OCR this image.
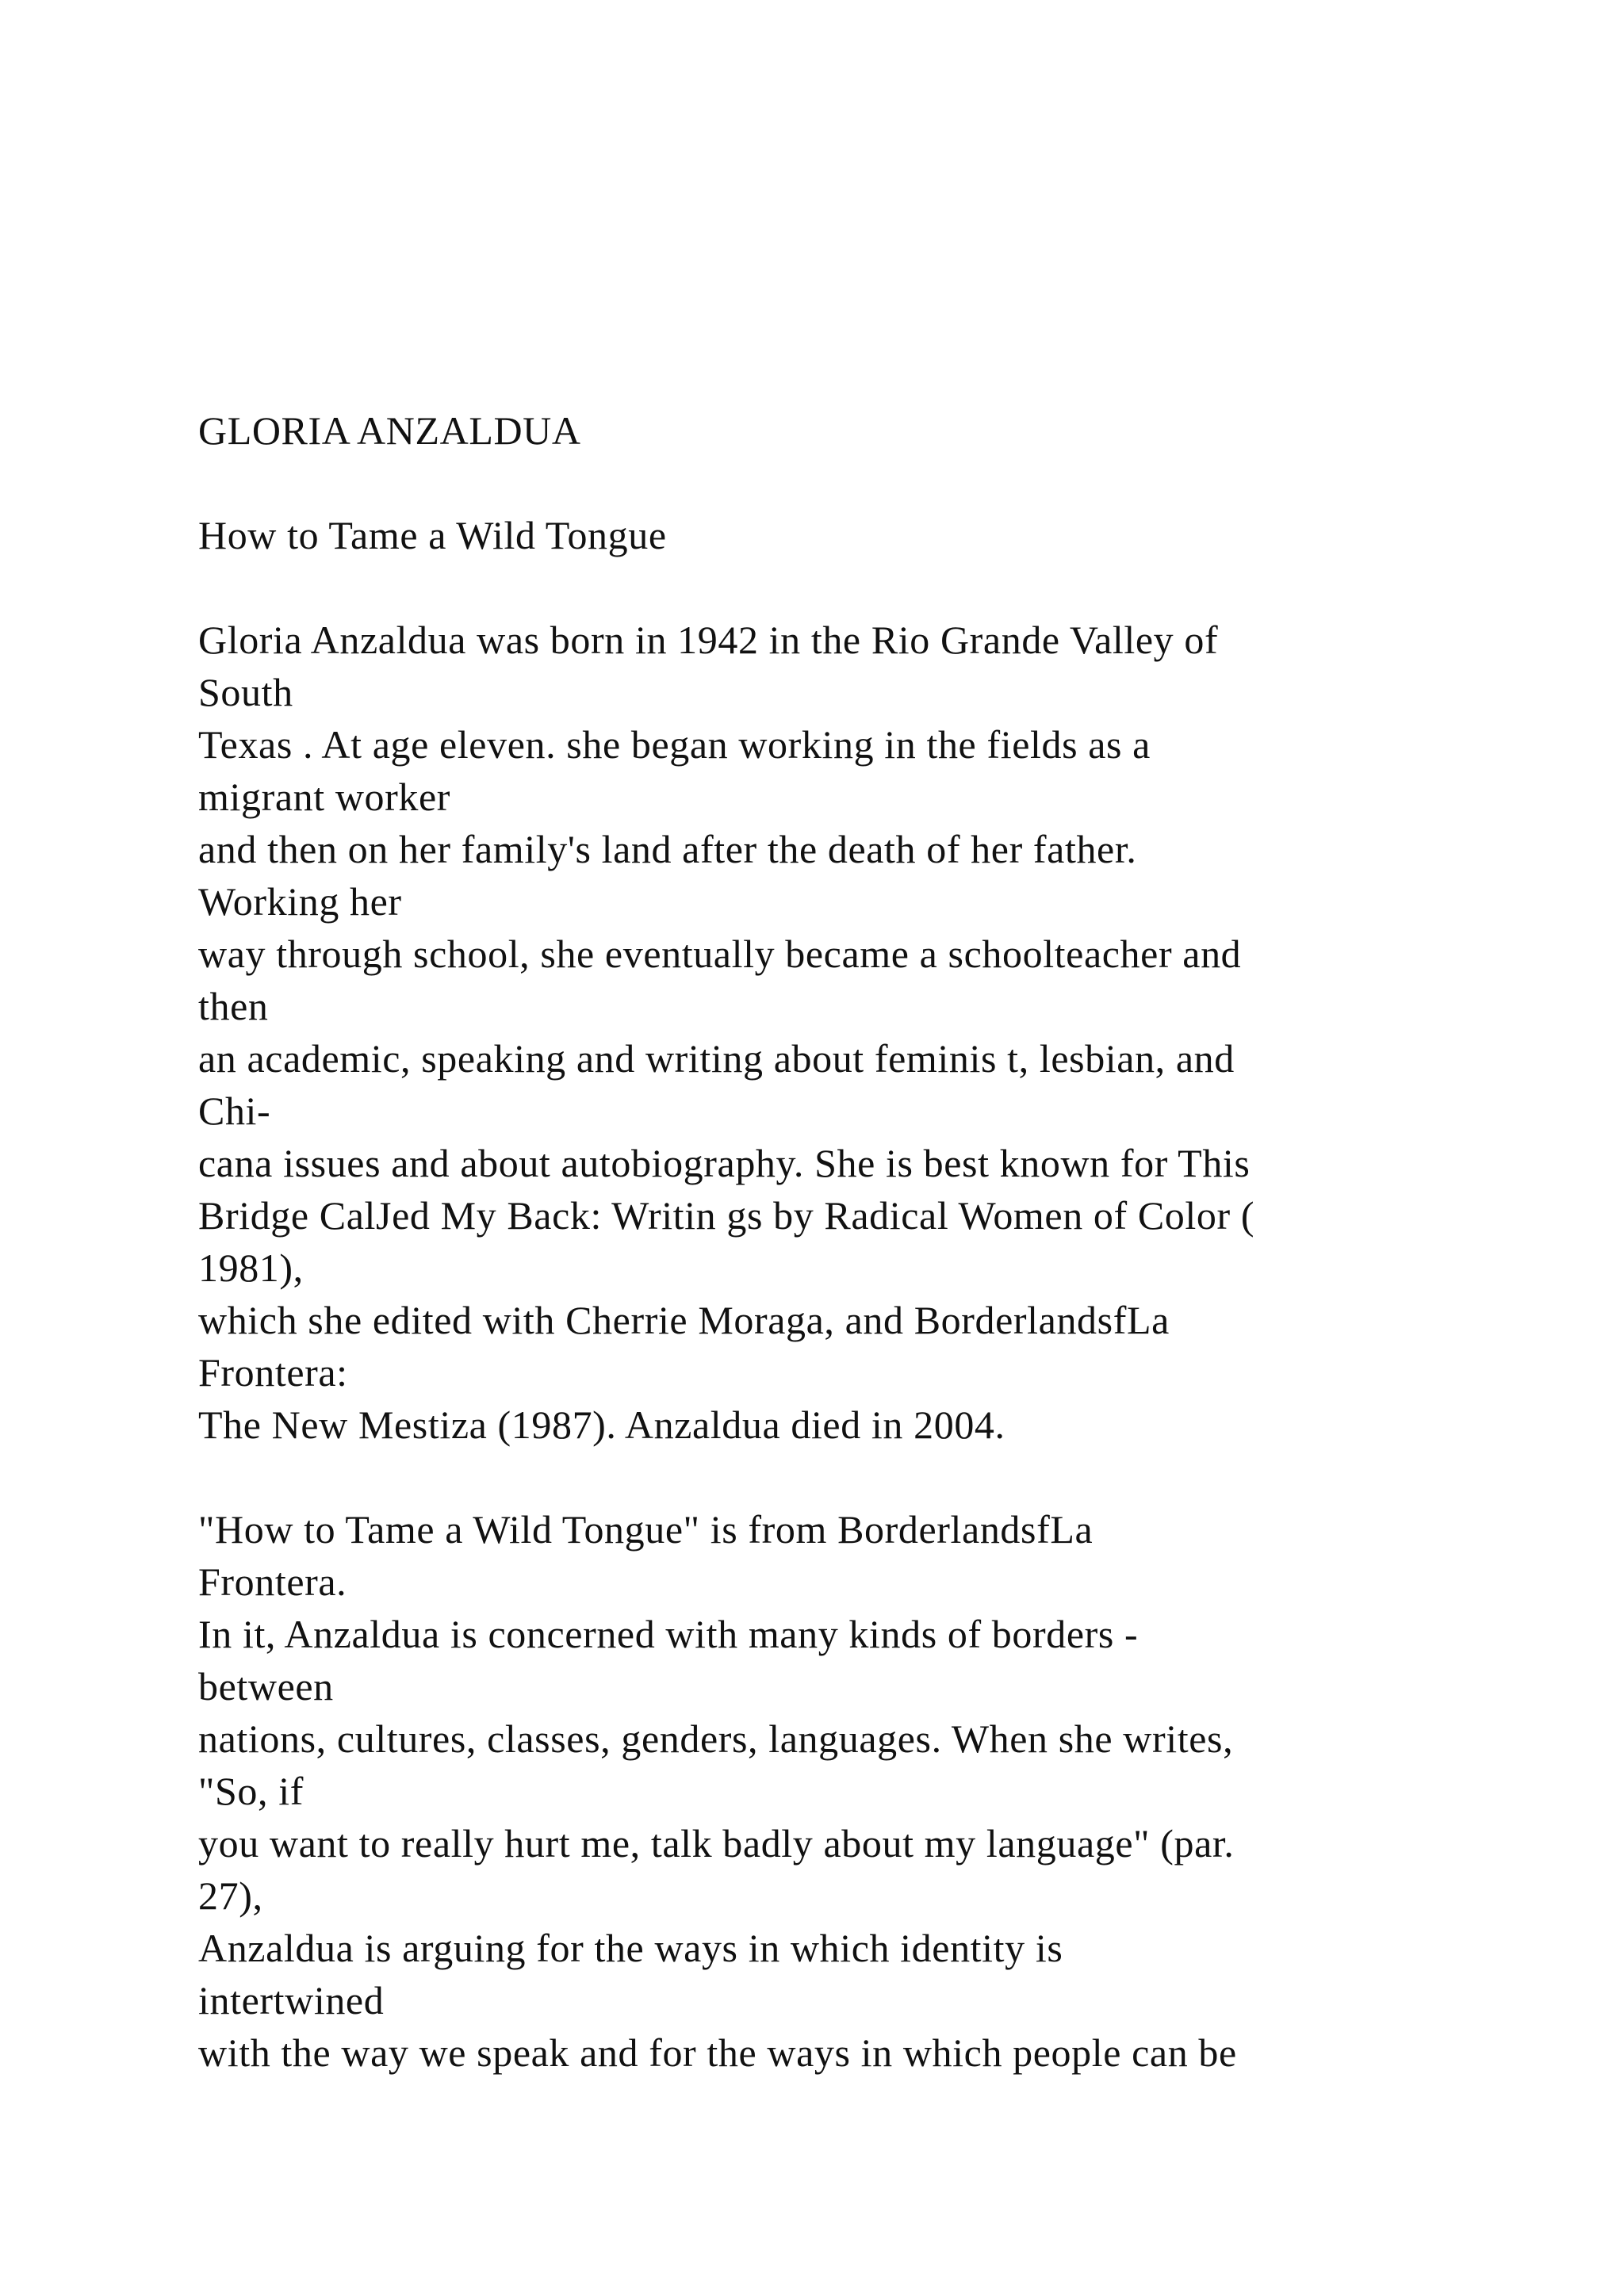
GLORIA ANZALDUA
How to Tame a Wild Tongue
Gloria Anzaldua was born in 1942 in the Rio Grande Valley of
South
Texas . At age eleven. she began working in the fields as a
migrant worker
and then on her family's land after the death of her father.
Working her
way through school, she eventually became a schoolteacher and
then
an academic, speaking and writing about feminis t, lesbian, and
Chi-
cana issues and about autobiography. She is best known for This
Bridge CalJed My Back: Writin gs by Radical Women of Color (
1981),
which she edited with Cherrie Moraga, and BorderlandsfLa
Frontera:
The New Mestiza (1987). Anzaldua died in 2004.
"How to Tame a Wild Tongue" is from BorderlandsfLa
Frontera.
In it, Anzaldua is concerned with many kinds of borders -
between
nations, cultures, classes, genders, languages. When she writes,
"So, if
you want to really hurt me, talk badly about my language" (par.
27),
Anzaldua is arguing for the ways in which identity is
intertwined
with the way we speak and for the ways in which people can be
